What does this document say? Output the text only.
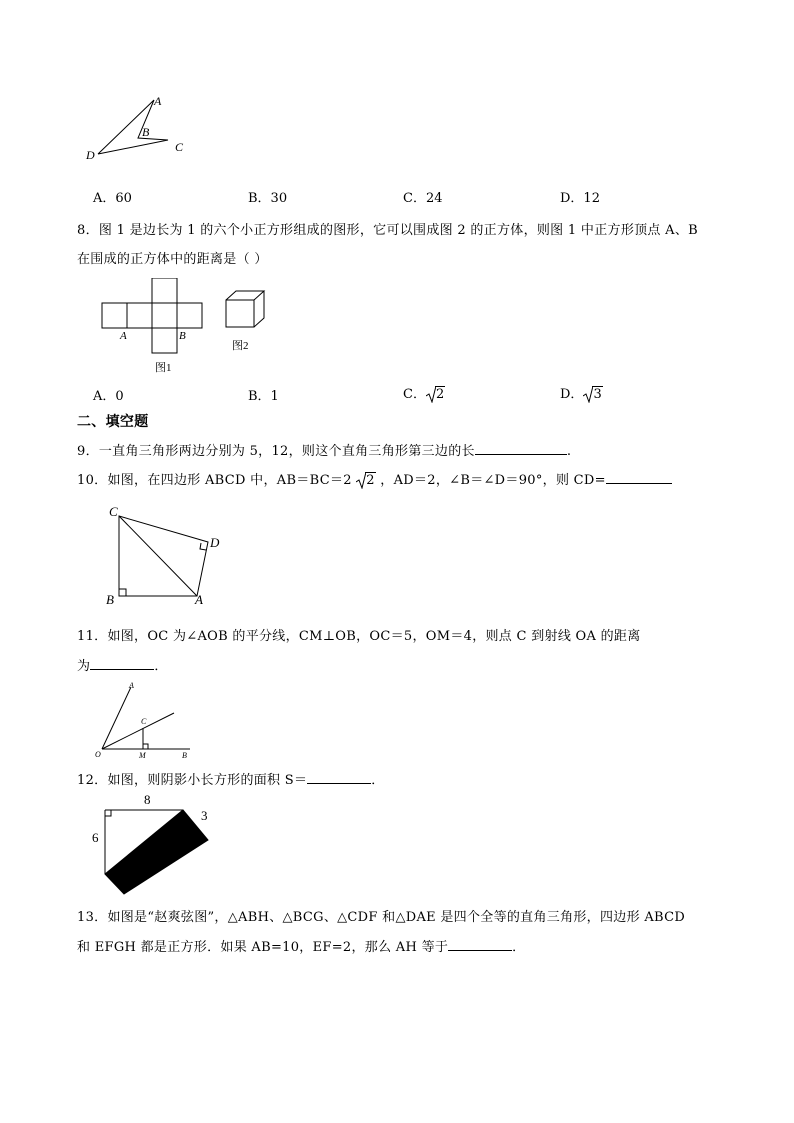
A
B
C
D
A．60	B．30	C．24	D．12
8．图 1 是边长为 1 的六个小正方形组成的图形，它可以围成图 2 的正方体，则图 1 中正方形顶点 A、B
在围成的正方体中的距离是（ ）
A	B
图1
图2
A．0	B．1	C． 2	D． 3
二、填空题
9．一直角三角形两边分别为 5，12，则这个直角三角形第三边的长	.
10．如图，在四边形 ABCD 中，AB＝BC＝2 2 ，AD＝2，∠B＝∠D＝90°，则 CD=
C
D
B	A
11．如图，OC 为∠AOB 的平分线，CM⊥OB，OC＝5，OM＝4，则点 C 到射线 OA 的距离
为	．
A
C
O	M	B
12．如图，则阴影小长方形的面积 S＝	．
8
6
3
13．如图是“赵爽弦图”，△ABH、△BCG、△CDF 和△DAE 是四个全等的直角三角形，四边形 ABCD
和 EFGH 都是正方形．如果 AB=10，EF=2，那么 AH 等于	．
